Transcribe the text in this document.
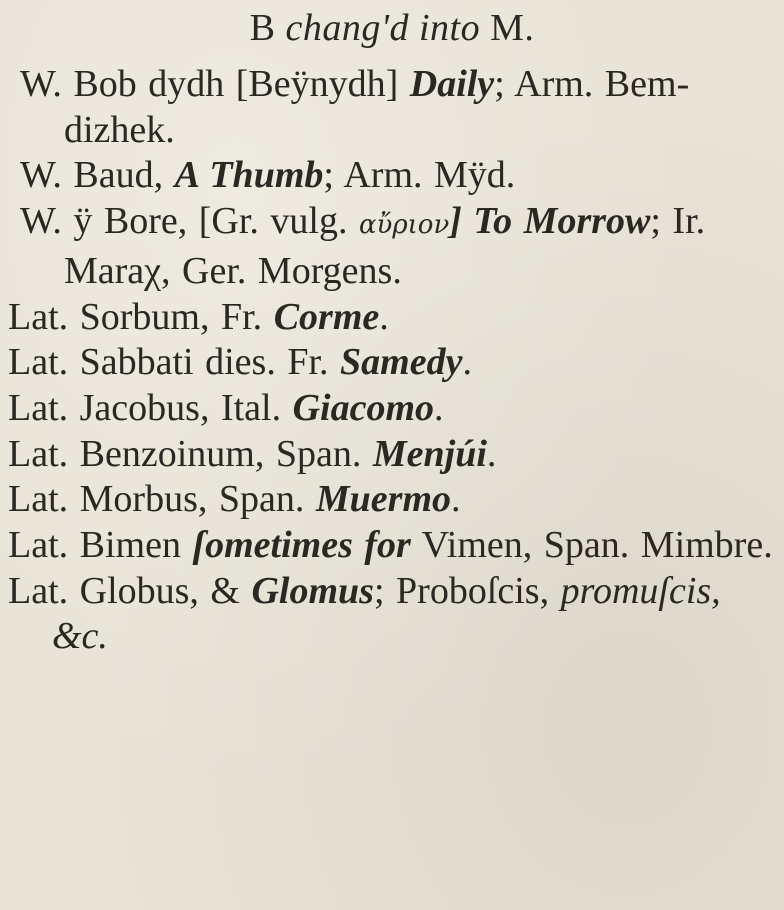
B chang'd into M.
W. Bob dydh [Beÿnydh] Daily; Arm. Bem-dizhek.
W. Baud, A Thumb; Arm. Mÿd.
W. ÿ Bore, [Gr. vulg. αὔριον] To Morrow; Ir. Maraχ, Ger. Morgens.
Lat. Sorbum, Fr. Corme.
Lat. Sabbati dies. Fr. Samedy.
Lat. Jacobus, Ital. Giacomo.
Lat. Benzoinum, Span. Menjúi.
Lat. Morbus, Span. Muermo.
Lat. Bimen ſometimes for Vimen, Span. Mimbre.
Lat. Globus, & Glomus; Proboſcis, promuſcis, &c.
